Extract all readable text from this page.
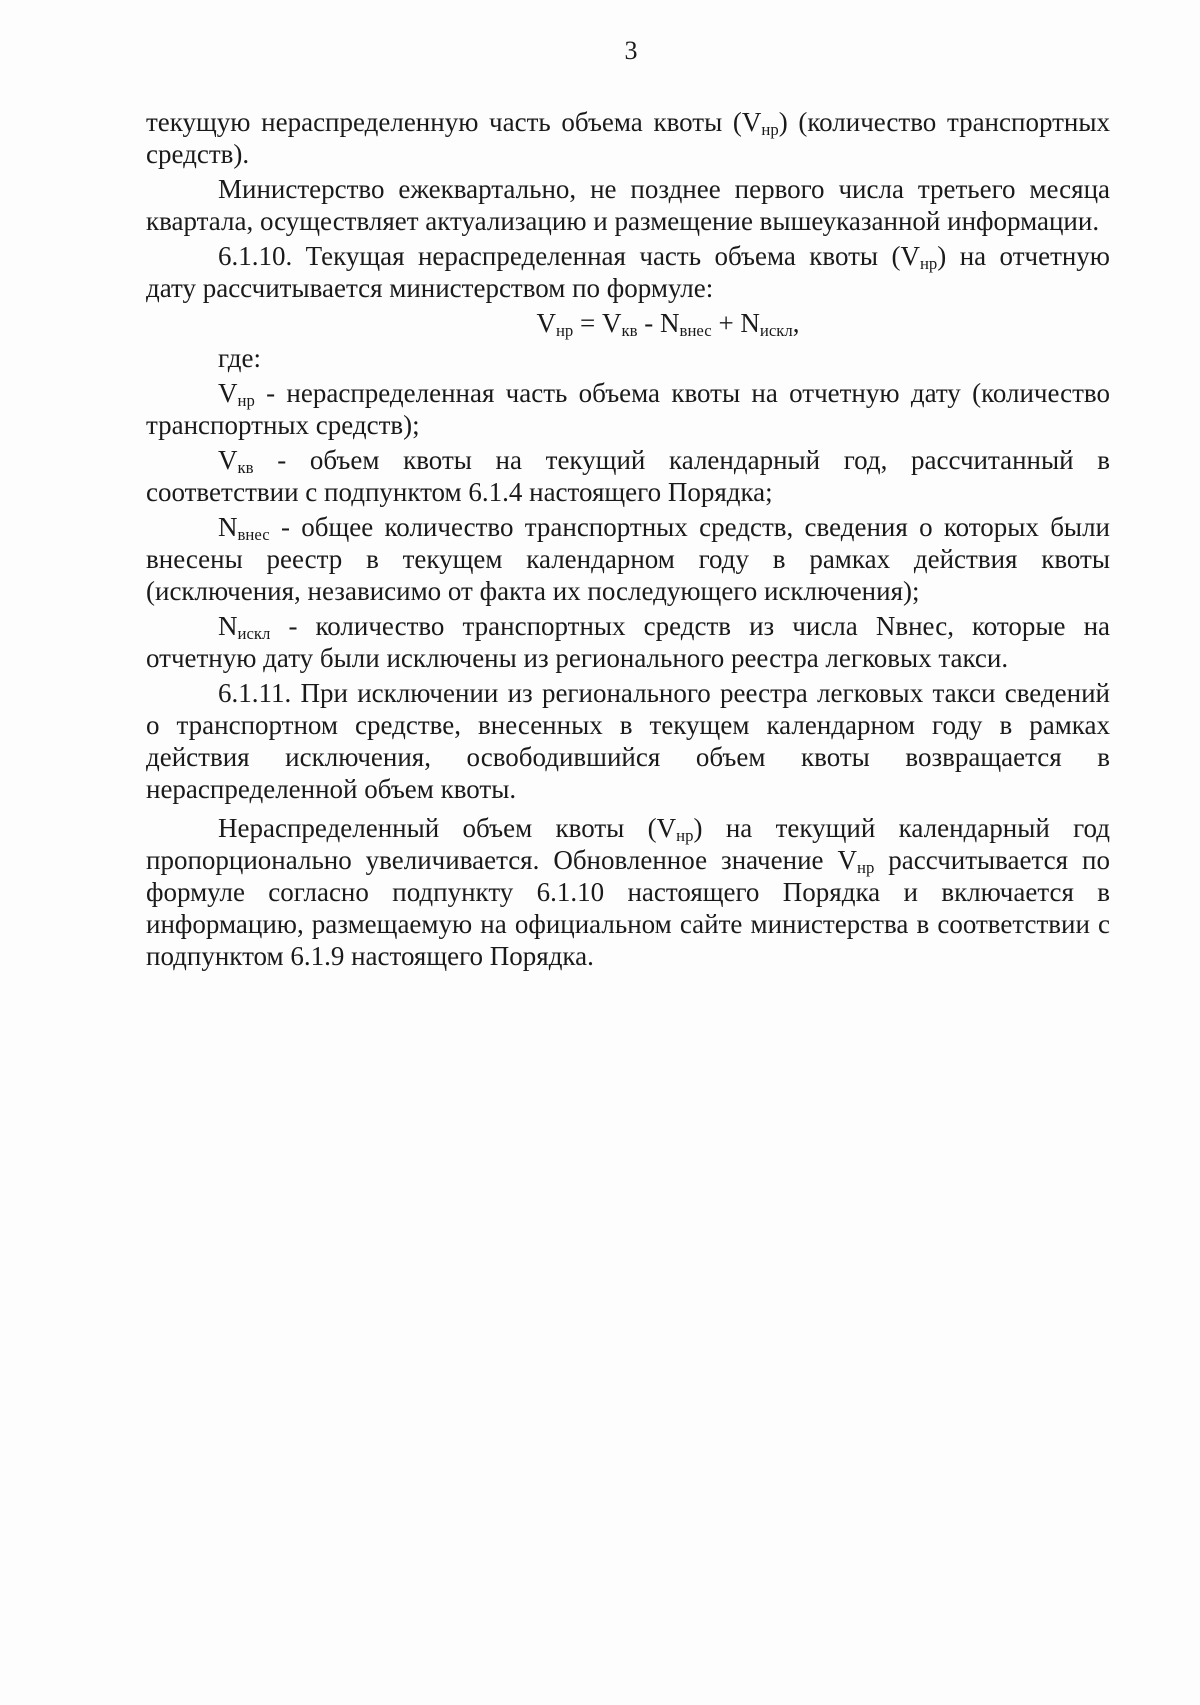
3

текущую нераспределенную часть объема квоты $(V_{нр})$ (количество транспортных средств).

Министерство ежеквартально, не позднее первого числа третьего месяца квартала, осуществляет актуализацию и размещение вышеуказанной информации.

6.1.10. Текущая нераспределенная часть объема квоты $(V_{нр})$ на отчетную дату рассчитывается министерством по формуле:

$V_{нр} = V_{кв} - N_{внес} + N_{искл}$,

где:

$V_{нр}$ - нераспределенная часть объема квоты на отчетную дату (количество транспортных средств);

$V_{кв}$ - объем квоты на текущий календарный год, рассчитанный в соответствии с подпунктом 6.1.4 настоящего Порядка;

$N_{внес}$ - общее количество транспортных средств, сведения о которых были внесены реестр в текущем календарном году в рамках действия квоты (исключения, независимо от факта их последующего исключения);

$N_{искл}$ - количество транспортных средств из числа Nвнес, которые на отчетную дату были исключены из регионального реестра легковых такси.

6.1.11. При исключении из регионального реестра легковых такси сведений о транспортном средстве, внесенных в текущем календарном году в рамках действия исключения, освободившийся объем квоты возвращается в нераспределенной объем квоты.

Нераспределенный объем квоты $(V_{нр})$ на текущий календарный год пропорционально увеличивается. Обновленное значение $V_{нр}$ рассчитывается по формуле согласно подпункту 6.1.10 настоящего Порядка и включается в информацию, размещаемую на официальном сайте министерства в соответствии с подпунктом 6.1.9 настоящего Порядка.
